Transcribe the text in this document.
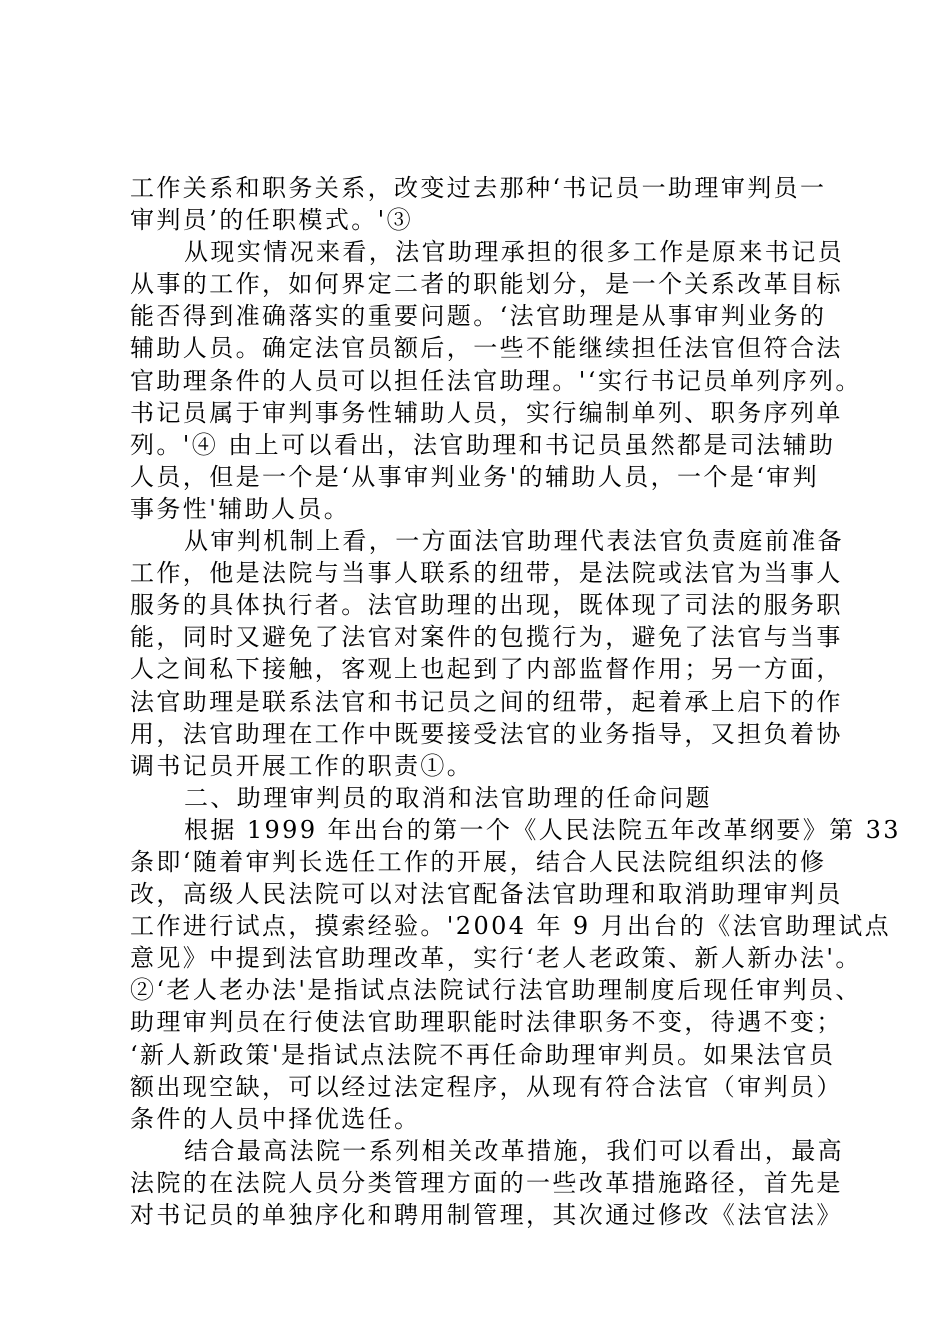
工作关系和职务关系，改变过去那种‘书记员一助理审判员一
审判员’的任职模式。'③
从现实情况来看，法官助理承担的很多工作是原来书记员
从事的工作，如何界定二者的职能划分，是一个关系改革目标
能否得到准确落实的重要问题。‘法官助理是从事审判业务的
辅助人员。确定法官员额后，一些不能继续担任法官但符合法
官助理条件的人员可以担任法官助理。'‘实行书记员单列序列。
书记员属于审判事务性辅助人员，实行编制单列、职务序列单
列。'④ 由上可以看出，法官助理和书记员虽然都是司法辅助
人员，但是一个是‘从事审判业务'的辅助人员，一个是‘审判
事务性'辅助人员。
从审判机制上看，一方面法官助理代表法官负责庭前准备
工作，他是法院与当事人联系的纽带，是法院或法官为当事人
服务的具体执行者。法官助理的出现，既体现了司法的服务职
能，同时又避免了法官对案件的包揽行为，避免了法官与当事
人之间私下接触，客观上也起到了内部监督作用；另一方面，
法官助理是联系法官和书记员之间的纽带，起着承上启下的作
用，法官助理在工作中既要接受法官的业务指导，又担负着协
调书记员开展工作的职责①。
二、助理审判员的取消和法官助理的任命问题
根据 1999 年出台的第一个《人民法院五年改革纲要》第 33
条即‘随着审判长选任工作的开展，结合人民法院组织法的修
改，高级人民法院可以对法官配备法官助理和取消助理审判员
工作进行试点，摸索经验。'2004 年 9 月出台的《法官助理试点
意见》中提到法官助理改革，实行‘老人老政策、新人新办法'。
②‘老人老办法'是指试点法院试行法官助理制度后现任审判员、
助理审判员在行使法官助理职能时法律职务不变，待遇不变；
‘新人新政策'是指试点法院不再任命助理审判员。如果法官员
额出现空缺，可以经过法定程序，从现有符合法官（审判员）
条件的人员中择优选任。
结合最高法院一系列相关改革措施，我们可以看出，最高
法院的在法院人员分类管理方面的一些改革措施路径，首先是
对书记员的单独序化和聘用制管理，其次通过修改《法官法》
